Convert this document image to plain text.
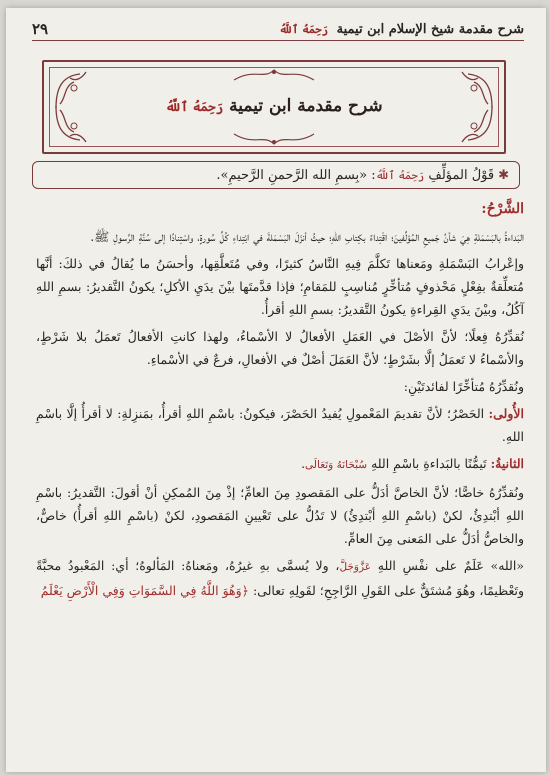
شرح مقدمة شيخ الإسلام ابن تيمية رَحِمَهُ ٱللَّهُ
٢٩
شرح مقدمة ابن تيمية رَحِمَهُ ٱللَّهُ
✱
قَوْلُ المؤلِّفِ

رَحِمَهُ ٱللَّهُ
: «بِسمِ الله الرَّحمنِ الرَّحيمِ».
الشَّرْحُ:

البَداءةُ بالبَسْمَلةِ هِيَ شأنُ جَميعِ المُؤلِّفينَ؛ اقْتِداءً بكِتابِ اللهِ؛ حيثُ أنزَلَ البَسْمَلةَ في ابْتِداءِ كُلِّ سُورةٍ، واسْتِنادًا إلى سُنَّةِ الرَّسولِ ﷺ.

وإعْرابُ البَسْمَلةِ ومَعناها تَكلَّمَ فِيهِ النَّاسُ كثيرًا، وفي مُتَعلَّقِها، وأحسَنُ ما يُقالُ في ذلكَ: أنَّها مُتعلِّقةٌ بفِعْلٍ مَحْذوفٍ مُتأخِّرٍ مُناسِبٍ للمَقامِ؛ فإذا قدَّمتَها بيْنَ يدَيِ الأكلِ؛ يكونُ التَّقديرُ: بسمِ اللهِ آكُلُ، وبيْنَ يدَيِ القِراءةِ يكونُ التَّقديرُ: بسمِ اللهِ أقرأُ.

نُقدِّرُهُ فِعلًا؛ لأنَّ الأصْلَ في العَمَلِ الأفعالُ لا الأسْماءُ، ولهذا كانتِ الأفعالُ تَعمَلُ بلا شَرْطٍ، والأسْماءُ لا تَعمَلُ إلَّا بشَرْطٍ؛ لأنَّ العَمَلَ أصْلٌ في الأفعالِ، فرعٌ في الأسْماءِ.

ونُقدِّرُهُ مُتأخِّرًا لفائدتَيْنِ:

الأُولى: الحَصْرُ؛ لأنَّ تقديمَ المَعْمولِ يُفيدُ الحَصْرَ، فيكونُ: باسْمِ اللهِ أقرأُ، بمَنزِلةِ: لا أقرأُ إلَّا باسْمِ اللهِ.

الثانيةُ: تَيمُّنًا بالبَداءةِ باسْمِ اللهِ سُبْحَانَهُ وَتَعَالَى.

ونُقدِّرُهُ خاصًّا؛ لأنَّ الخاصَّ أدَلُّ على المَقصودِ مِنَ العامِّ؛ إذْ مِنَ المُمكِنِ أنْ أقولَ: التَّقديرُ: باسْمِ اللهِ أبْتدِئُ، لكنْ (باسْمِ اللهِ أبْتدِئُ) لا تَدُلُّ على تَعْيينِ المَقصودِ، لكنْ (باسْمِ اللهِ أقرأُ) خاصٌّ، والخاصُّ أدَلُّ على المَعنى مِنَ العامِّ.

«الله» عَلَمٌ على نفْسِ اللهِ عَزَّوَجَلَّ، ولا يُسمَّى بهِ غيرُهُ، ومَعناهُ: المَألوهُ؛ أي: المَعْبودُ محبَّةً وتَعْظيمًا، وهُوَ مُشتَقٌّ على القَولِ الرَّاجِحِ؛ لقَولِهِ تعالى: ﴿وَهُوَ اللَّهُ فِي السَّمَوَاتِ وَفِي الْأَرْضِ يَعْلَمُ
